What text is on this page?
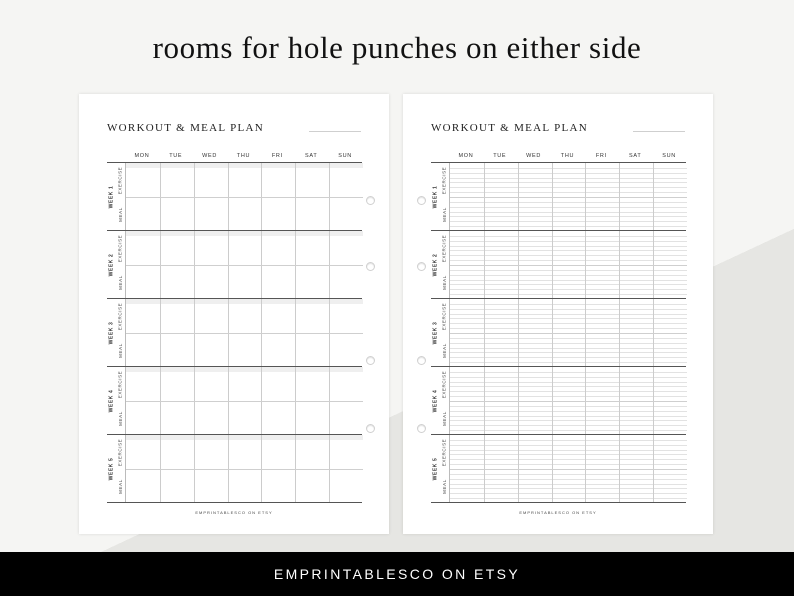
rooms for hole punches on either side
WORKOUT & MEAL PLAN
MON	TUE	WED	THU	FRI	SAT	SUN
WEEK 1
EXERCISE
MEAL
WEEK 2
EXERCISE
MEAL
WEEK 3
EXERCISE
MEAL
WEEK 4
EXERCISE
MEAL
WEEK 5
EXERCISE
MEAL
EMPRINTABLESCO ON ETSY
WORKOUT & MEAL PLAN
MON	TUE	WED	THU	FRI	SAT	SUN
WEEK 1
EXERCISE
MEAL
WEEK 2
EXERCISE
MEAL
WEEK 3
EXERCISE
MEAL
WEEK 4
EXERCISE
MEAL
WEEK 5
EXERCISE
MEAL
EMPRINTABLESCO ON ETSY
EMPRINTABLESCO ON ETSY
